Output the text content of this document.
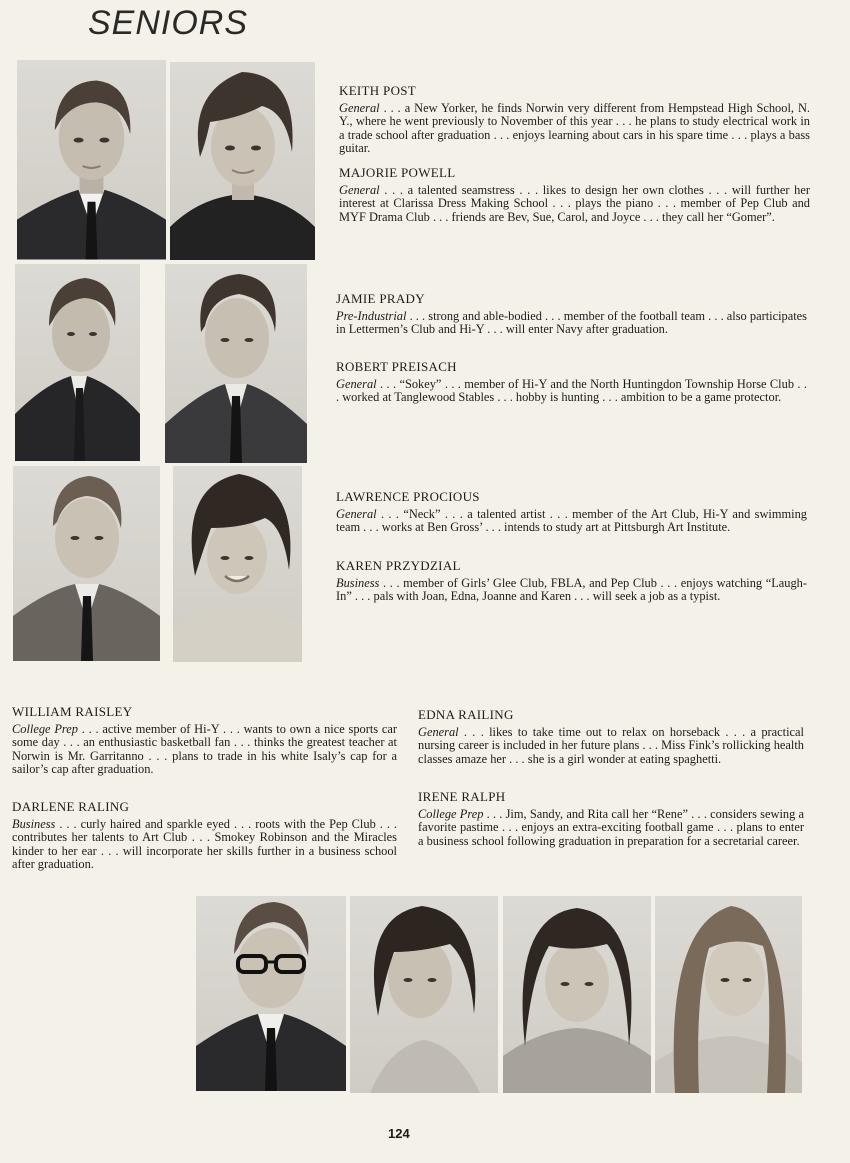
SENIORS
KEITH POST
General . . . a New Yorker, he finds Norwin very different from Hempstead High School, N. Y., where he went previously to November of this year . . . he plans to study electrical work in a trade school after graduation . . . enjoys learning about cars in his spare time . . . plays a bass guitar.
MAJORIE POWELL
General . . . a talented seamstress . . . likes to design her own clothes . . . will further her interest at Clarissa Dress Making School . . . plays the piano . . . member of Pep Club and MYF Drama Club . . . friends are Bev, Sue, Carol, and Joyce . . . they call her “Gomer”.
JAMIE PRADY
Pre-Industrial . . . strong and able-bodied . . . member of the football team . . . also participates in Lettermen’s Club and Hi-Y . . . will enter Navy after graduation.
ROBERT PREISACH
General . . . “Sokey” . . . member of Hi-Y and the North Huntingdon Township Horse Club . . . worked at Tanglewood Stables . . . hobby is hunting . . . ambition to be a game protector.
LAWRENCE PROCIOUS
General . . . “Neck” . . . a talented artist . . . member of the Art Club, Hi-Y and swimming team . . . works at Ben Gross’ . . . intends to study art at Pittsburgh Art Institute.
KAREN PRZYDZIAL
Business . . . member of Girls’ Glee Club, FBLA, and Pep Club . . . enjoys watching “Laugh-In” . . . pals with Joan, Edna, Joanne and Karen . . . will seek a job as a typist.
WILLIAM RAISLEY
College Prep . . . active member of Hi-Y . . . wants to own a nice sports car some day . . . an enthusiastic basketball fan . . . thinks the greatest teacher at Norwin is Mr. Garritanno . . . plans to trade in his white Isaly’s cap for a sailor’s cap after graduation.
DARLENE RALING
Business . . . curly haired and sparkle eyed . . . roots with the Pep Club . . . contributes her talents to Art Club . . . Smokey Robinson and the Miracles kinder to her ear . . . will incorporate her skills further in a business school after graduation.
EDNA RAILING
General . . . likes to take time out to relax on horseback . . . a practical nursing career is included in her future plans . . . Miss Fink’s rollicking health classes amaze her . . . she is a girl wonder at eating spaghetti.
IRENE RALPH
College Prep . . . Jim, Sandy, and Rita call her “Rene” . . . considers sewing a favorite pastime . . . enjoys an extra-exciting football game . . . plans to enter a business school following graduation in preparation for a secretarial career.
124
